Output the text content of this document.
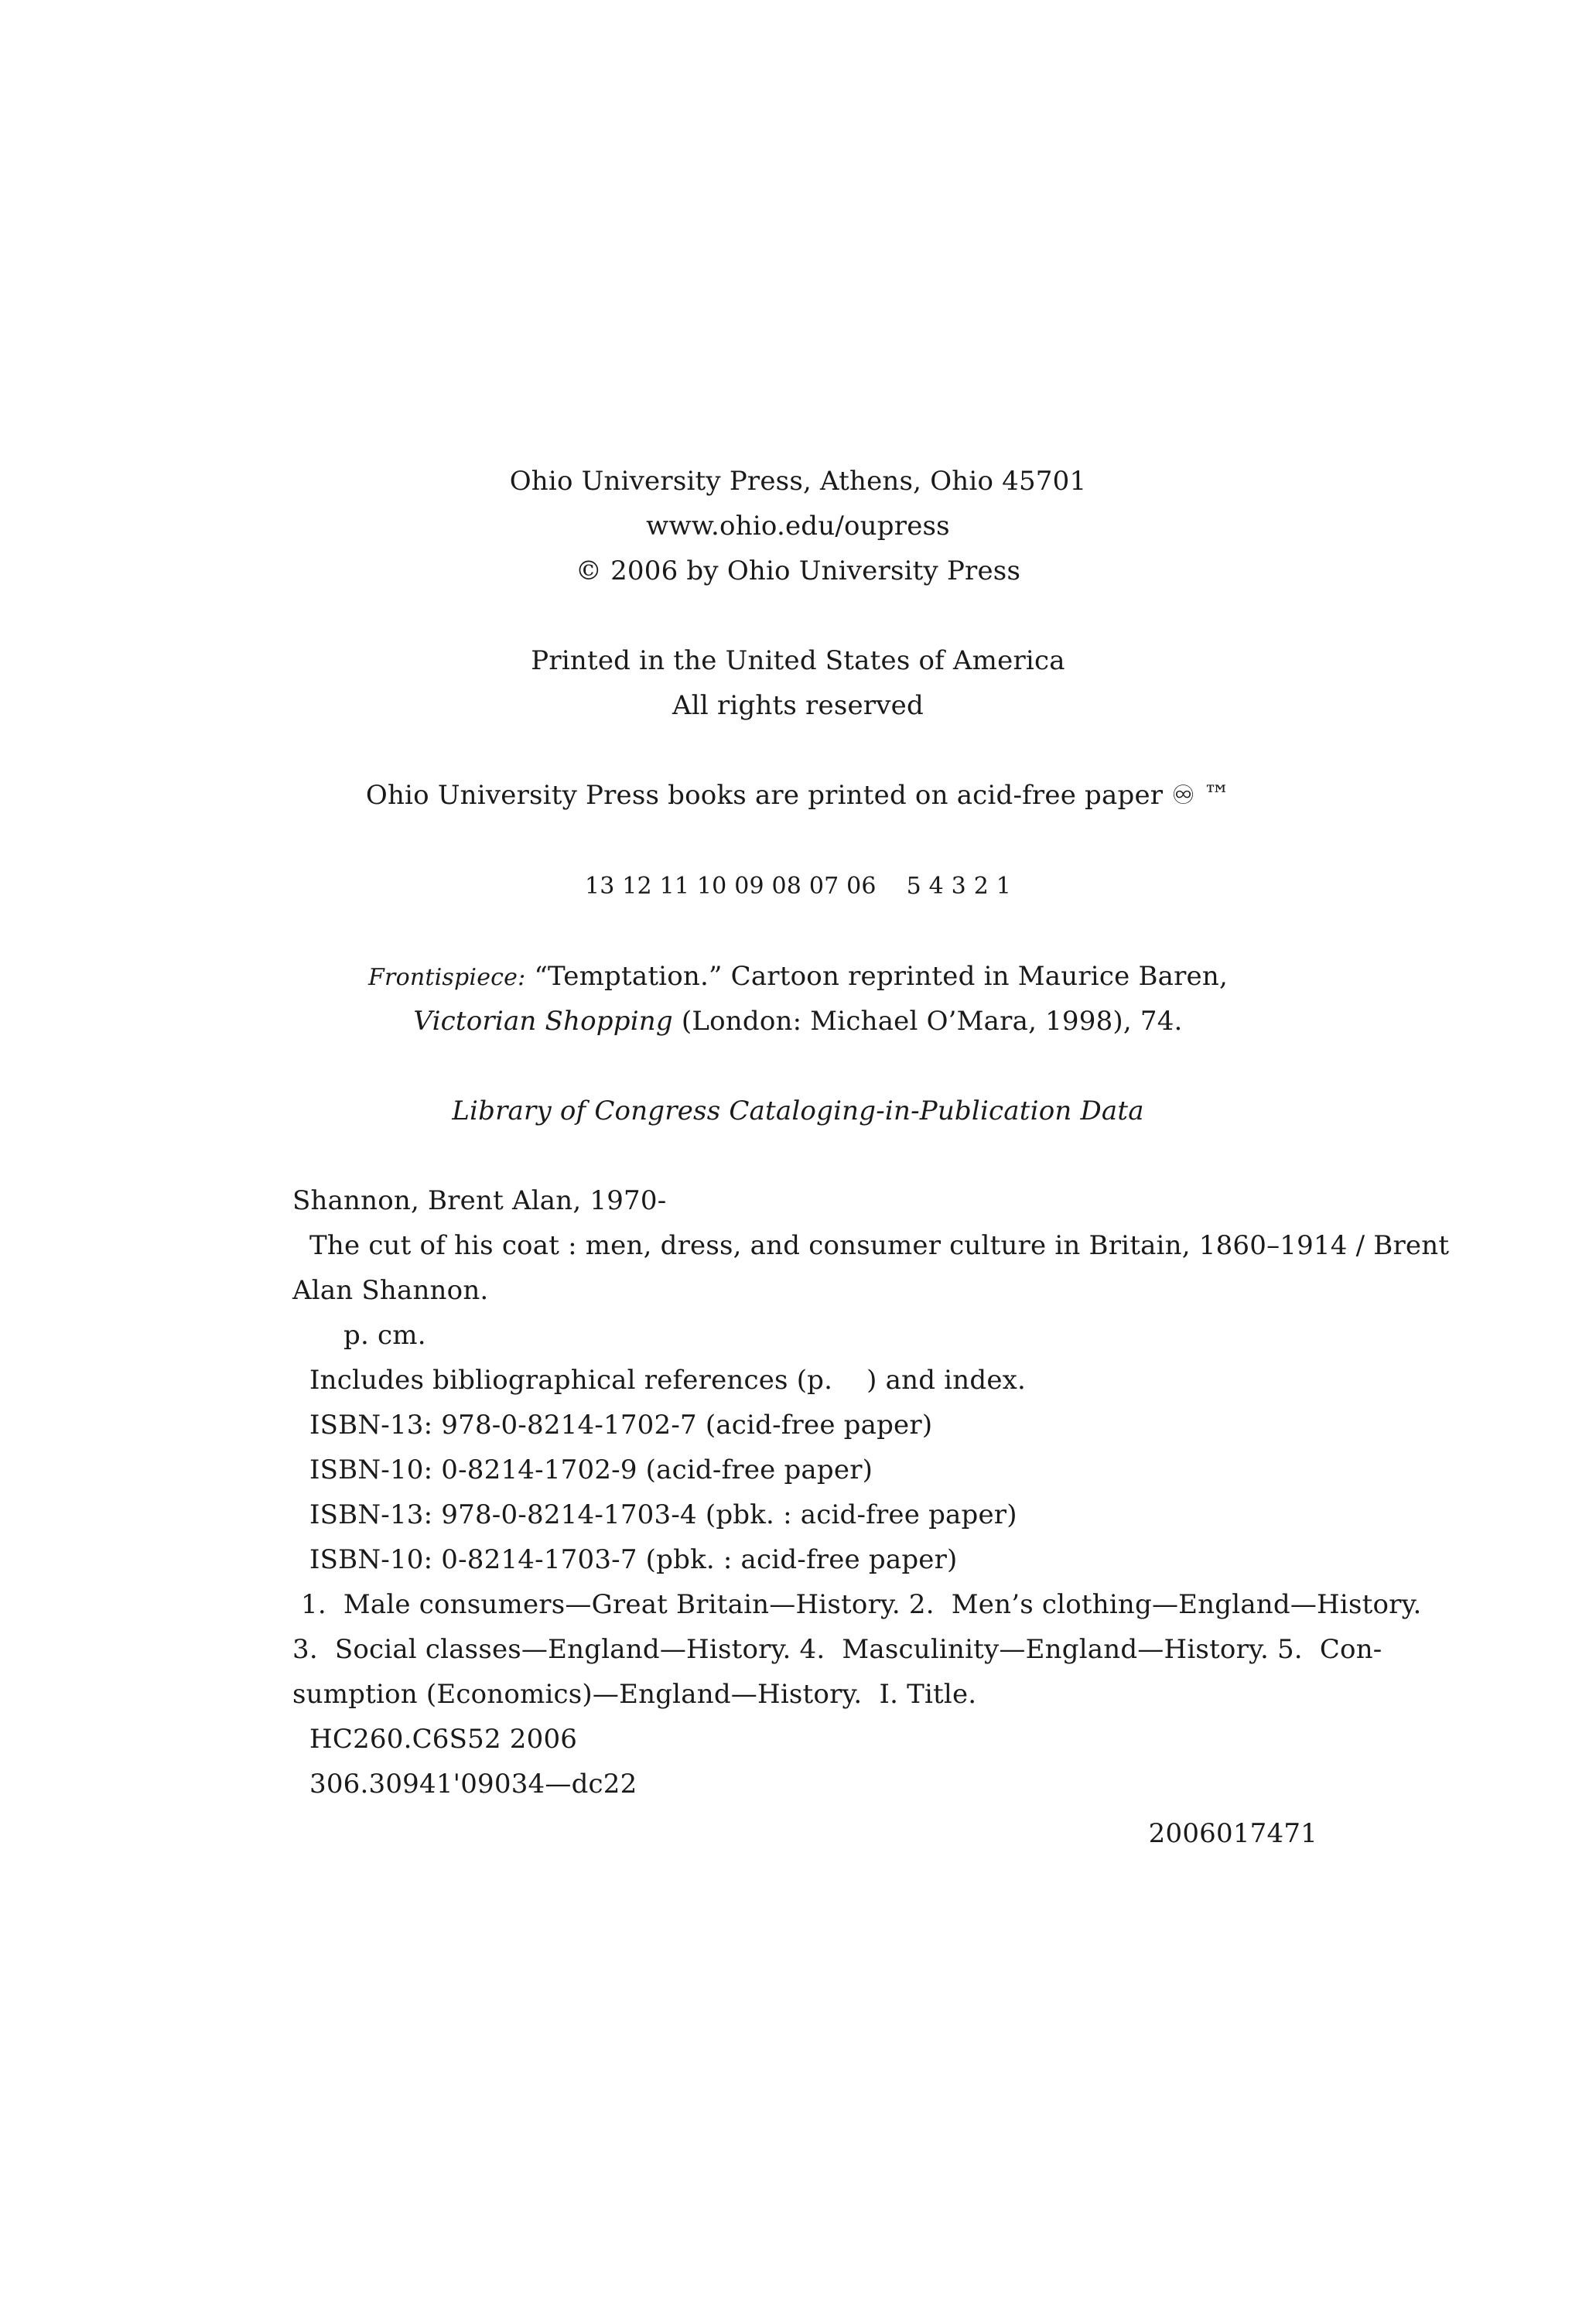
Ohio University Press, Athens, Ohio 45701
www.ohio.edu/oupress
© 2006 by Ohio University Press
Printed in the United States of America
All rights reserved
Ohio University Press books are printed on acid-free paper ♾ ™
13 12 11 10 09 08 07 06    5 4 3 2 1
Frontispiece: “Temptation.” Cartoon reprinted in Maurice Baren,
Victorian Shopping (London: Michael O’Mara, 1998), 74.
Library of Congress Cataloging-in-Publication Data
Shannon, Brent Alan, 1970-
The cut of his coat : men, dress, and consumer culture in Britain, 1860–1914 / Brent
Alan Shannon.
p. cm.
Includes bibliographical references (p.    ) and index.
ISBN-13: 978-0-8214-1702-7 (acid-free paper)
ISBN-10: 0-8214-1702-9 (acid-free paper)
ISBN-13: 978-0-8214-1703-4 (pbk. : acid-free paper)
ISBN-10: 0-8214-1703-7 (pbk. : acid-free paper)
1.  Male consumers—Great Britain—History. 2.  Men’s clothing—England—History.
3.  Social classes—England—History. 4.  Masculinity—England—History. 5.  Con-
sumption (Economics)—England—History.  I. Title.
HC260.C6S52 2006
306.30941'09034—dc22
2006017471
